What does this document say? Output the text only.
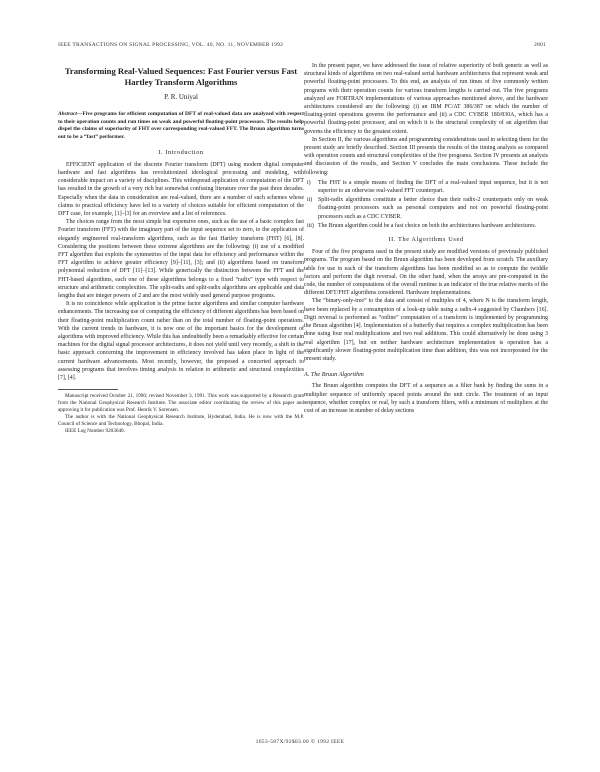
IEEE TRANSACTIONS ON SIGNAL PROCESSING, VOL. 40, NO. 11, NOVEMBER 1992	2801
Transforming Real-Valued Sequences: Fast Fourier versus Fast Hartley Transform Algorithms
P. R. Uniyal
Abstract—Five programs for efficient computation of DFT of real-valued data are analyzed with respect to their operation counts and run times on weak and powerful floating-point processors. The results help dispel the claims of superiority of FHT over corresponding real-valued FFT. The Bruun algorithm turns out to be a “fast” performer.
I. Introduction

EFFICIENT application of the discrete Fourier transform (DFT) using modern digital computer hardware and fast algorithms has revolutionized ideological processing and modeling, with considerable impact on a variety of disciplines. This widespread application of computation of the DFT has resulted in the growth of a very rich but somewhat confusing literature over the past three decades. Especially when the data in consideration are real-valued, there are a number of such schemes whose claims to practical efficiency have led to a variety of choices suitable for efficient computation of the DFT case, for example, [1]–[3] for an overview and a list of references.

The choices range from the most simple but expensive ones, such as the use of a basic complex fast Fourier transform (FFT) with the imaginary part of the input sequence set to zero, to the application of elegantly engineered real-transform algorithms, such as the fast Hartley transform (FHT) [6], [8]. Considering the positions between these extreme algorithms are the following: (i) use of a modified FFT algorithm that exploits the symmetries of the input data for efficiency and performance within the FFT algorithm to achieve greater efficiency [9]–[11], [3]; and (ii) algorithms based on transform polynomial reduction of DFT [11]–[13]. While generically the distinction between the FFT and the FHT-based algorithms, each one of these algorithms belongs to a fixed “radix” type with respect to structure and arithmetic complexities. The split-radix and split-radix algorithms are applicable and data lengths that are integer powers of 2 and are the most widely used general purpose programs.

It is no coincidence while application is the prime factor algorithms and similar computer hardware enhancements. The increasing use of computing the efficiency of different algorithms has been based on their floating-point multiplication count rather than on the total number of floating-point operations. With the current trends in hardware, it is now one of the important basics for the development of algorithms with improved efficiency. While this has undoubtedly been a remarkably effective for certain machines for the digital signal processor architectures, it does not yield until very recently, a shift in the basic approach concerning the improvement in efficiency involved has taken place in light of the current hardware advancements. Most recently, however, the proposed a concerted approach to assessing programs that involves timing analysis in relation to arithmetic and structural complexities [7], [4].

Manuscript received October 21, 1990; revised November 3, 1991. This work was supported by a Research grant from the National Geophysical Research Institute. The associate editor coordinating the review of this paper and approving it for publication was Prof. Henrik V. Sorensen.

The author is with the National Geophysical Research Institute, Hyderabad, India. He is now with the M.P. Council of Science and Technology, Bhopal, India.

IEEE Log Number 9203640.

In the present paper, we have addressed the issue of relative superiority of both generic as well as structural kinds of algorithms on two real-valued serial hardware architectures that represent weak and powerful floating-point processors. To this end, an analysis of run times of five commonly written programs with their operation counts for various transform lengths is carried out. The five programs analyzed are FORTRAN implementations of various approaches mentioned above, and the hardware architectures considered are the following: (i) an IBM PC/AT 386/387 on which the number of floating-point operations governs the performance and (ii) a CDC CYBER 180/830A, which has a powerful floating-point processor, and on which it is the structural complexity of an algorithm that governs the efficiency to the greatest extent.

In Section II, the various algorithms and programming considerations used in selecting them for the present study are briefly described. Section III presents the results of the timing analysis as compared with operation counts and structural complexities of the five programs. Section IV presents an analysis and discussion of the results, and Section V concludes the main conclusions. These include the following:

i) The FHT is a simple means of finding the DFT of a real-valued input sequence, but it is not superior to an otherwise real-valued FFT counterpart.
ii) Split-radix algorithms constitute a better choice than their radix-2 counterparts only on weak floating-point processors such as personal computers and not on powerful floating-point processors such as a CDC CYBER.
iii) The Bruun algorithm could be a fast choice on both the architectures hardware architectures.
II. The Algorithms Used

Four of the five programs used in the present study are modified versions of previously published programs. The program based on the Bruun algorithm has been developed from scratch. The auxiliary table for use in each of the transform algorithms has been modified so as to compute the twiddle factors and perform the digit reversal. On the other hand, when the arrays are pre-computed in the code, the number of computations of the overall runtime is an indicator of the true relative merits of the different DFT/FHT algorithms considered. Hardware implementations.

The “binary-only-tree” to the data and consist of multiples of 4, where N is the transform length, have been replaced by a consumption of a look-up table using a radix-4 suggested by Chambers [16]. Digit reversal is performed as “online” computation of a transform is implemented by programming the Bruun algorithm [4]. Implementation of a butterfly that requires a complex multiplication has been done using four real multiplications and two real additions. This could alternatively be done using 3 real algorithm [17], but on neither hardware architecture implementation is operation has a significantly slower floating-point multiplication time than addition, this was not incorporated for the present study.

A. The Bruun Algorithm

The Bruun algorithm computes the DFT of a sequence as a filter bank by finding the sums in a multiplier sequence of uniformly spaced points around the unit circle. The treatment of an input sequence, whether complex or real, by such a transform filters, with a minimum of multipliers at the cost of an increase in number of delay sections

1053-587X/92$03.00 © 1992 IEEE
